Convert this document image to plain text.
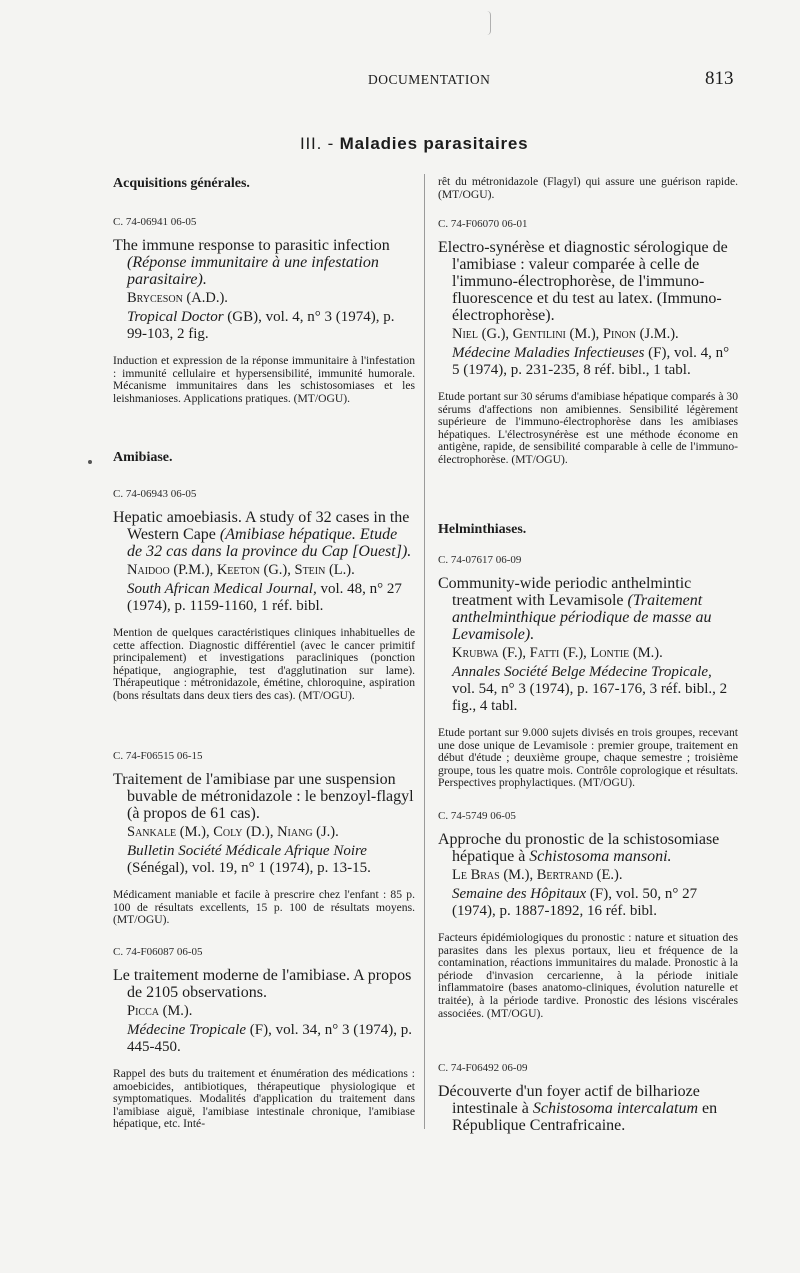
DOCUMENTATION	813
III. - Maladies parasitaires
Acquisitions générales.
C. 74-06941 06-05
The immune response to parasitic infection (Réponse immunitaire à une infestation parasitaire).
Bryceson (A.D.).
Tropical Doctor (GB), vol. 4, n° 3 (1974), p. 99-103, 2 fig.
Induction et expression de la réponse immunitaire à l'infestation : immunité cellulaire et hypersensibilité, immunité humorale. Mécanisme immunitaires dans les schistosomiases et les leishmanioses. Applications pratiques. (MT/OGU).
Amibiase.
C. 74-06943 06-05
Hepatic amoebiasis. A study of 32 cases in the Western Cape (Amibiase hépatique. Etude de 32 cas dans la province du Cap [Ouest]).
Naidoo (P.M.), Keeton (G.), Stein (L.).
South African Medical Journal, vol. 48, n° 27 (1974), p. 1159-1160, 1 réf. bibl.
Mention de quelques caractéristiques cliniques inhabituelles de cette affection. Diagnostic différentiel (avec le cancer primitif principalement) et investigations paracliniques (ponction hépatique, angiographie, test d'agglutination sur lame). Thérapeutique : métronidazole, émétine, chloroquine, aspiration (bons résultats dans deux tiers des cas). (MT/OGU).
C. 74-F06515 06-15
Traitement de l'amibiase par une suspension buvable de métronidazole : le benzoyl-flagyl (à propos de 61 cas).
Sankale (M.), Coly (D.), Niang (J.).
Bulletin Société Médicale Afrique Noire (Sénégal), vol. 19, n° 1 (1974), p. 13-15.
Médicament maniable et facile à prescrire chez l'enfant : 85 p. 100 de résultats excellents, 15 p. 100 de résultats moyens. (MT/OGU).
C. 74-F06087 06-05
Le traitement moderne de l'amibiase. A propos de 2105 observations.
Picca (M.).
Médecine Tropicale (F), vol. 34, n° 3 (1974), p. 445-450.
Rappel des buts du traitement et énumération des médications : amoebicides, antibiotiques, thérapeutique physiologique et symptomatiques. Modalités d'application du traitement dans l'amibiase aiguë, l'amibiase intestinale chronique, l'amibiase hépatique, etc. Inté-
rêt du métronidazole (Flagyl) qui assure une guérison rapide. (MT/OGU).
C. 74-F06070 06-01
Electro-synérèse et diagnostic sérologique de l'amibiase : valeur comparée à celle de l'immuno-électrophorèse, de l'immuno-fluorescence et du test au latex. (Immuno-électrophorèse).
Niel (G.), Gentilini (M.), Pinon (J.M.).
Médecine Maladies Infectieuses (F), vol. 4, n° 5 (1974), p. 231-235, 8 réf. bibl., 1 tabl.
Etude portant sur 30 sérums d'amibiase hépatique comparés à 30 sérums d'affections non amibiennes. Sensibilité légèrement supérieure de l'immuno-électrophorèse dans les amibiases hépatiques. L'électrosynérèse est une méthode économe en antigène, rapide, de sensibilité comparable à celle de l'immuno-électrophorèse. (MT/OGU).
Helminthiases.
C. 74-07617 06-09
Community-wide periodic anthelmintic treatment with Levamisole (Traitement anthelminthique périodique de masse au Levamisole).
Krubwa (F.), Fatti (F.), Lontie (M.).
Annales Société Belge Médecine Tropicale, vol. 54, n° 3 (1974), p. 167-176, 3 réf. bibl., 2 fig., 4 tabl.
Etude portant sur 9.000 sujets divisés en trois groupes, recevant une dose unique de Levamisole : premier groupe, traitement en début d'étude ; deuxième groupe, chaque semestre ; troisième groupe, tous les quatre mois. Contrôle coprologique et résultats. Perspectives prophylactiques. (MT/OGU).
C. 74-5749 06-05
Approche du pronostic de la schistosomiase hépatique à Schistosoma mansoni.
Le Bras (M.), Bertrand (E.).
Semaine des Hôpitaux (F), vol. 50, n° 27 (1974), p. 1887-1892, 16 réf. bibl.
Facteurs épidémiologiques du pronostic : nature et situation des parasites dans les plexus portaux, lieu et fréquence de la contamination, réactions immunitaires du malade. Pronostic à la période d'invasion cercarienne, à la période initiale inflammatoire (bases anatomo-cliniques, évolution naturelle et traitée), à la période tardive. Pronostic des lésions viscérales associées. (MT/OGU).
C. 74-F06492 06-09
Découverte d'un foyer actif de bilharioze intestinale à Schistosoma intercalatum en République Centrafricaine.
